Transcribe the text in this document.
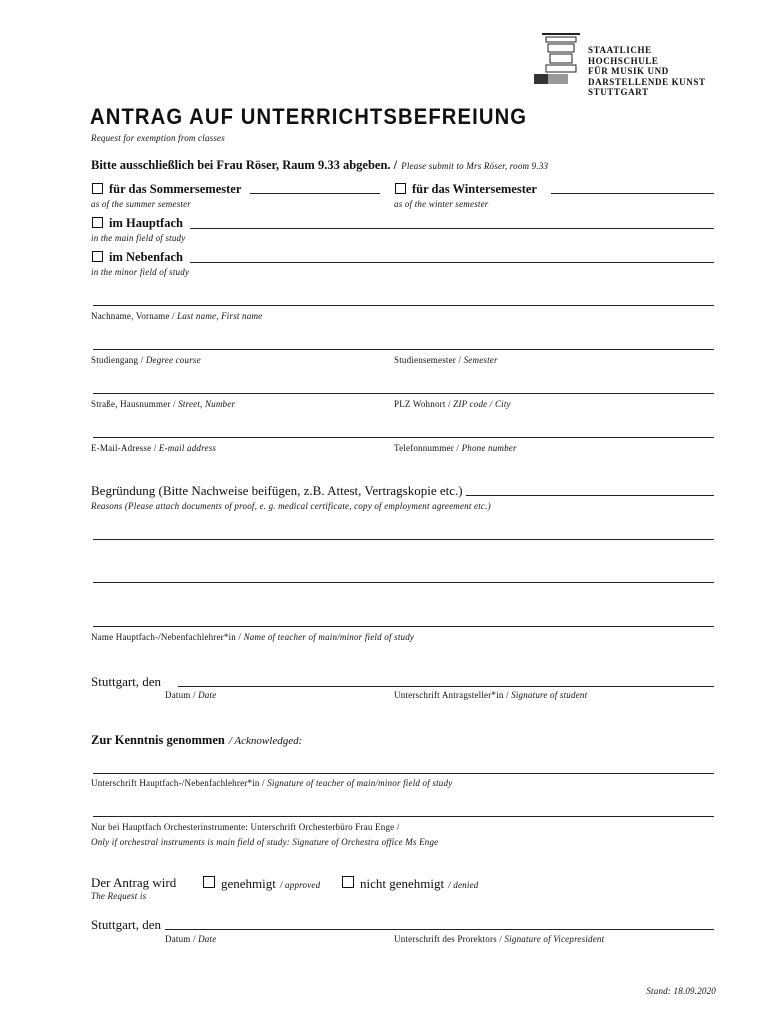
STAATLICHE HOCHSCHULE
FÜR MUSIK UND
DARSTELLENDE KUNST
STUTTGART
ANTRAG AUF UNTERRICHTSBEFREIUNG
Request for exemption from classes
Bitte ausschließlich bei Frau Röser, Raum 9.33 abgeben. / Please submit to Mrs Röser, room 9.33
für das Sommersemester
as of the summer semester
für das Wintersemester
as of the winter semester
im Hauptfach
in the main field of study
im Nebenfach
in the minor field of study
Nachname, Vorname / Last name, First name
Studiengang / Degree course	Studiensemester / Semester
Straße, Hausnummer / Street, Number	PLZ Wohnort / ZIP code / City
E-Mail-Adresse / E-mail address	Telefonnummer / Phone number
Begründung (Bitte Nachweise beifügen, z.B. Attest, Vertragskopie etc.)
Reasons (Please attach documents of proof, e. g. medical certificate, copy of employment agreement etc.)
Name Hauptfach-/Nebenfachlehrer*in / Name of teacher of main/minor field of study
Stuttgart, den
Datum / Date	Unterschrift Antragsteller*in / Signature of student
Zur Kenntnis genommen / Acknowledged:
Unterschrift Hauptfach-/Nebenfachlehrer*in / Signature of teacher of main/minor field of study
Nur bei Hauptfach Orchesterinstrumente: Unterschrift Orchesterbüro Frau Enge /
Only if orchestral instruments is main field of study: Signature of Orchestra office Ms Enge
Der Antrag wird
The Request is
genehmigt / approved	nicht genehmigt / denied
Stuttgart, den
Datum / Date	Unterschrift des Prorektors / Signature of Vicepresident
Stand: 18.09.2020
